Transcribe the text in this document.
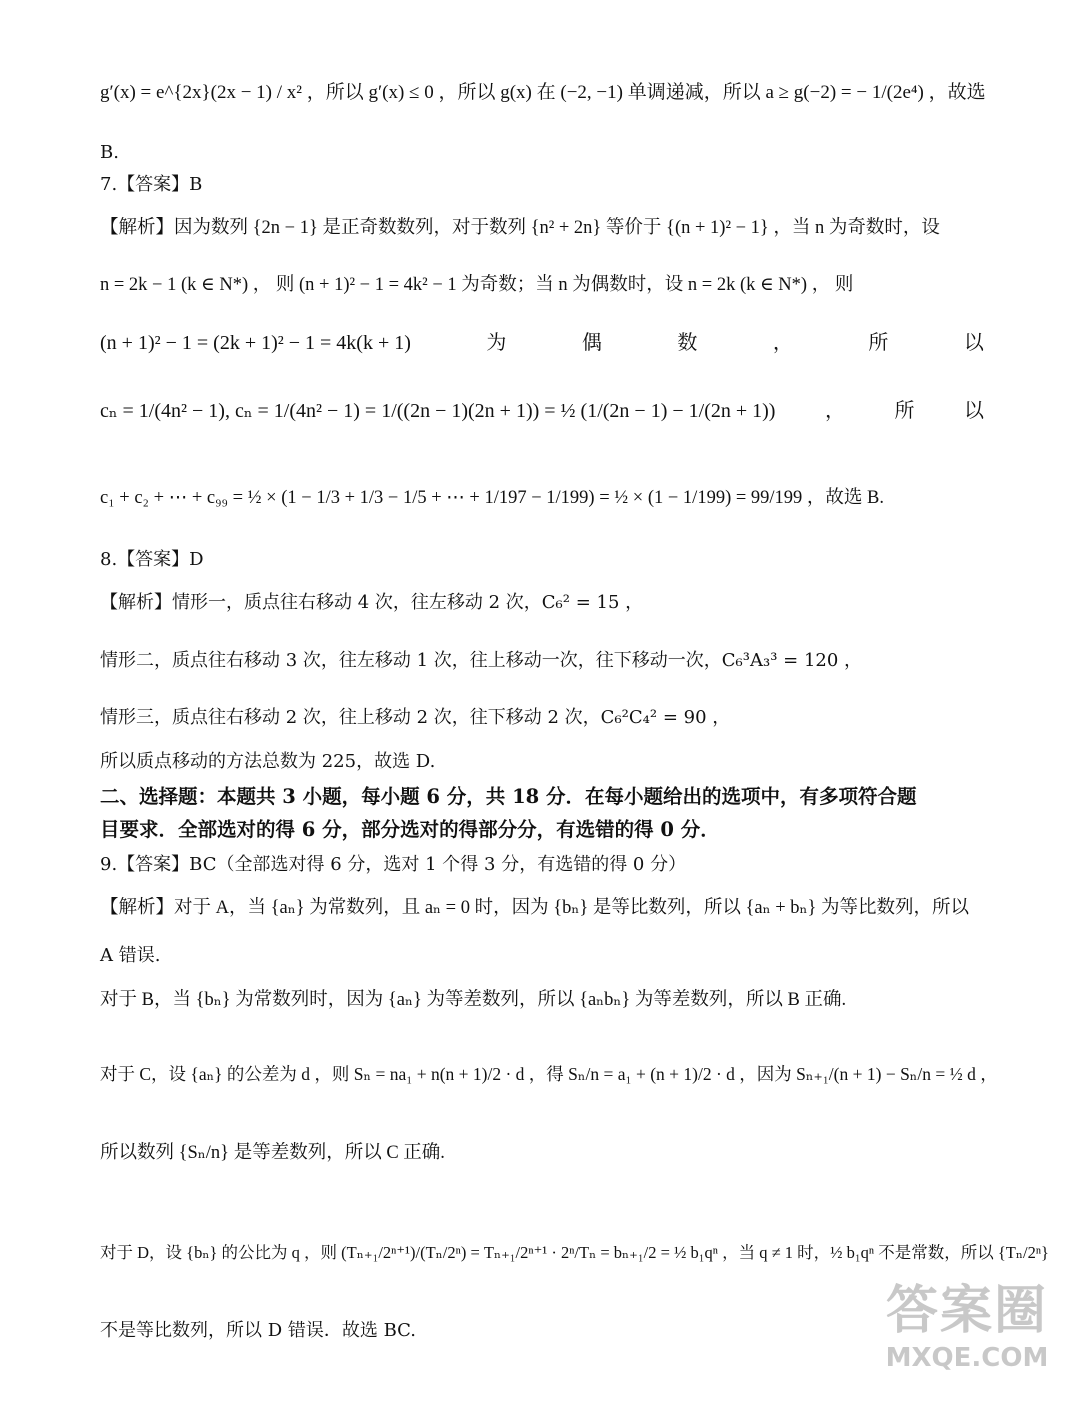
g′(x) = e^{2x}(2x − 1) / x² ，所以 g′(x) ≤ 0 ，所以 g(x) 在 (−2, −1) 单调递减，所以 a ≥ g(−2) = − 1/(2e⁴) ，故选
B.
7.【答案】B
【解析】因为数列 {2n − 1} 是正奇数数列，对于数列 {n² + 2n} 等价于 {(n + 1)² − 1} ，当 n 为奇数时，设
n = 2k − 1 (k ∈ N*) ， 则 (n + 1)² − 1 = 4k² − 1 为奇数；当 n 为偶数时，设 n = 2k (k ∈ N*) ， 则
(n + 1)² − 1 = (2k + 1)² − 1 = 4k(k + 1)	为	偶	数	，	所	以
cₙ = 1/(4n² − 1), cₙ = 1/(4n² − 1) = 1/((2n − 1)(2n + 1)) = ½ (1/(2n − 1) − 1/(2n + 1)) ， 所 以
c₁ + c₂ + ⋯ + c₉₉ = ½ × (1 − 1/3 + 1/3 − 1/5 + ⋯ + 1/197 − 1/199) = ½ × (1 − 1/199) = 99/199 ，故选 B.
8.【答案】D
【解析】情形一，质点往右移动 4 次，往左移动 2 次，C₆² = 15 ，
情形二，质点往右移动 3 次，往左移动 1 次，往上移动一次，往下移动一次，C₆³A₃³ = 120 ，
情形三，质点往右移动 2 次，往上移动 2 次，往下移动 2 次，C₆²C₄² = 90 ，
所以质点移动的方法总数为 225，故选 D.
二、选择题：本题共 3 小题，每小题 6 分，共 18 分．在每小题给出的选项中，有多项符合题
目要求．全部选对的得 6 分，部分选对的得部分分，有选错的得 0 分．
9.【答案】BC（全部选对得 6 分，选对 1 个得 3 分，有选错的得 0 分）
【解析】对于 A，当 {aₙ} 为常数列，且 aₙ = 0 时，因为 {bₙ} 是等比数列，所以 {aₙ + bₙ} 为等比数列，所以
A 错误.
对于 B，当 {bₙ} 为常数列时，因为 {aₙ} 为等差数列，所以 {aₙbₙ} 为等差数列，所以 B 正确.
对于 C，设 {aₙ} 的公差为 d ，则 Sₙ = na₁ + n(n + 1)/2 · d ，得 Sₙ/n = a₁ + (n + 1)/2 · d ，因为 Sₙ₊₁/(n + 1) − Sₙ/n = ½ d ，
所以数列 {Sₙ/n} 是等差数列，所以 C 正确.
对于 D，设 {bₙ} 的公比为 q ，则 (Tₙ₊₁/2ⁿ⁺¹)/(Tₙ/2ⁿ) = Tₙ₊₁/2ⁿ⁺¹ · 2ⁿ/Tₙ = bₙ₊₁/2 = ½ b₁qⁿ ，当 q ≠ 1 时，½ b₁qⁿ 不是常数，所以 {Tₙ/2ⁿ}
不是等比数列，所以 D 错误．故选 BC.	答案圈
MXQE.COM
